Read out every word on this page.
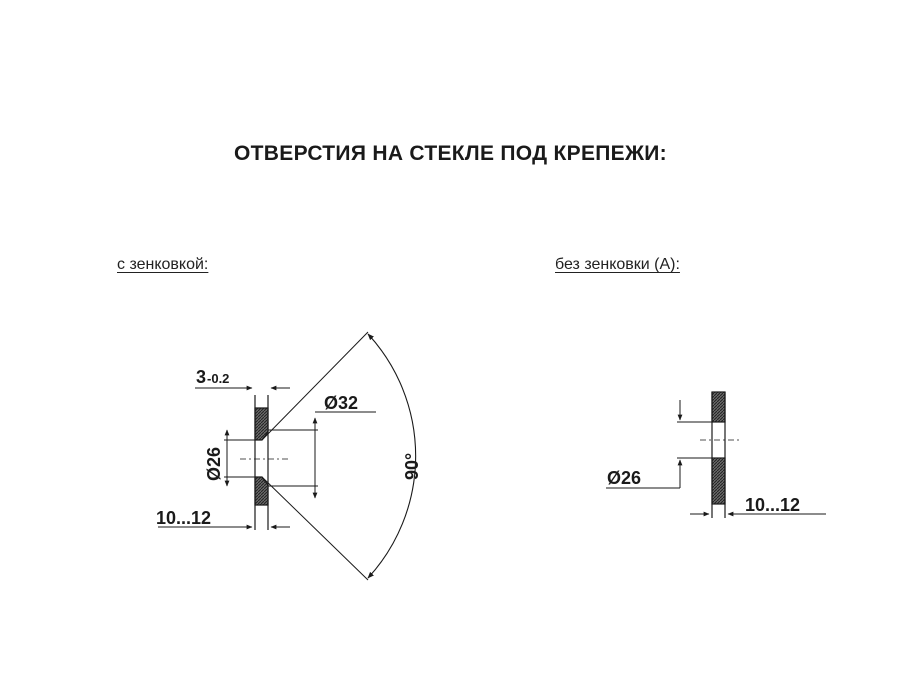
ОТВЕРСТИЯ НА СТЕКЛЕ ПОД КРЕПЕЖИ:
с зенковкой:	без зенковки (А):
3-0.2
Ø32
Ø26
10...12
90°	Ø26
10...12
